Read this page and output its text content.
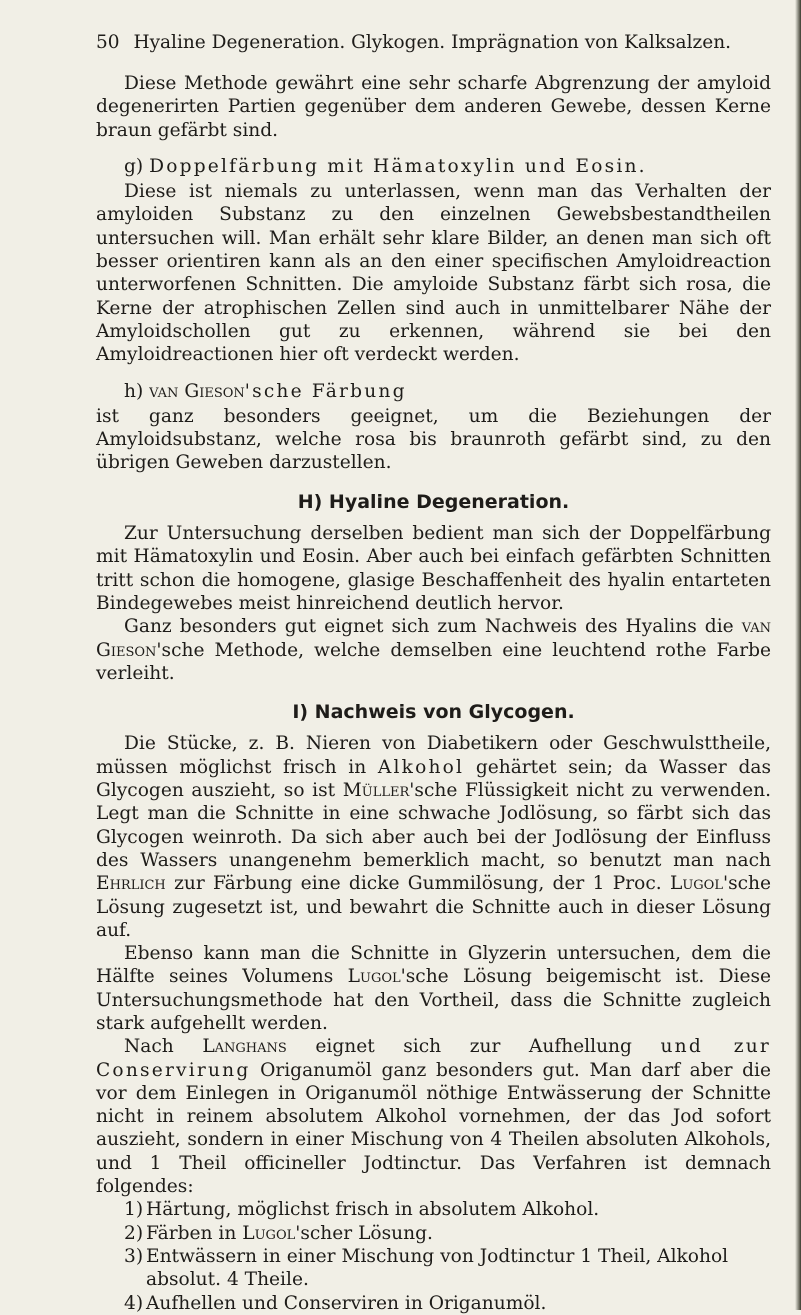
50 Hyaline Degeneration. Glykogen. Imprägnation von Kalksalzen.

Diese Methode gewährt eine sehr scharfe Abgrenzung der amyloid degenerirten Partien gegenüber dem anderen Gewebe, dessen Kerne braun gefärbt sind.

g) Doppelfärbung mit Hämatoxylin und Eosin.

Diese ist niemals zu unterlassen, wenn man das Verhalten der amyloiden Substanz zu den einzelnen Gewebsbestandtheilen untersuchen will. Man erhält sehr klare Bilder, an denen man sich oft besser orientiren kann als an den einer specifischen Amyloidreaction unterworfenen Schnitten. Die amyloide Substanz färbt sich rosa, die Kerne der atrophischen Zellen sind auch in unmittelbarer Nähe der Amyloidschollen gut zu erkennen, während sie bei den Amyloidreactionen hier oft verdeckt werden.

h) van Gieson'sche Färbung

ist ganz besonders geeignet, um die Beziehungen der Amyloidsubstanz, welche rosa bis braunroth gefärbt sind, zu den übrigen Geweben darzustellen.

H) Hyaline Degeneration.

Zur Untersuchung derselben bedient man sich der Doppelfärbung mit Hämatoxylin und Eosin. Aber auch bei einfach gefärbten Schnitten tritt schon die homogene, glasige Beschaffenheit des hyalin entarteten Bindegewebes meist hinreichend deutlich hervor.

Ganz besonders gut eignet sich zum Nachweis des Hyalins die van Gieson'sche Methode, welche demselben eine leuchtend rothe Farbe verleiht.

I) Nachweis von Glycogen.

Die Stücke, z. B. Nieren von Diabetikern oder Geschwulsttheile, müssen möglichst frisch in Alkohol gehärtet sein; da Wasser das Glycogen auszieht, so ist Müller'sche Flüssigkeit nicht zu verwenden. Legt man die Schnitte in eine schwache Jodlösung, so färbt sich das Glycogen weinroth. Da sich aber auch bei der Jodlösung der Einfluss des Wassers unangenehm bemerklich macht, so benutzt man nach Ehrlich zur Färbung eine dicke Gummilösung, der 1 Proc. Lugol'sche Lösung zugesetzt ist, und bewahrt die Schnitte auch in dieser Lösung auf.

Ebenso kann man die Schnitte in Glyzerin untersuchen, dem die Hälfte seines Volumens Lugol'sche Lösung beigemischt ist. Diese Untersuchungsmethode hat den Vortheil, dass die Schnitte zugleich stark aufgehellt werden.

Nach Langhans eignet sich zur Aufhellung und zur Conservirung Origanumöl ganz besonders gut. Man darf aber die vor dem Einlegen in Origanumöl nöthige Entwässerung der Schnitte nicht in reinem absolutem Alkohol vornehmen, der das Jod sofort auszieht, sondern in einer Mischung von 4 Theilen absoluten Alkohols, und 1 Theil officineller Jodtinctur. Das Verfahren ist demnach folgendes:

1) Härtung, möglichst frisch in absolutem Alkohol.
2) Färben in Lugol'scher Lösung.
3) Entwässern in einer Mischung von Jodtinctur 1 Theil, Alkohol absolut. 4 Theile.
4) Aufhellen und Conserviren in Origanumöl.
